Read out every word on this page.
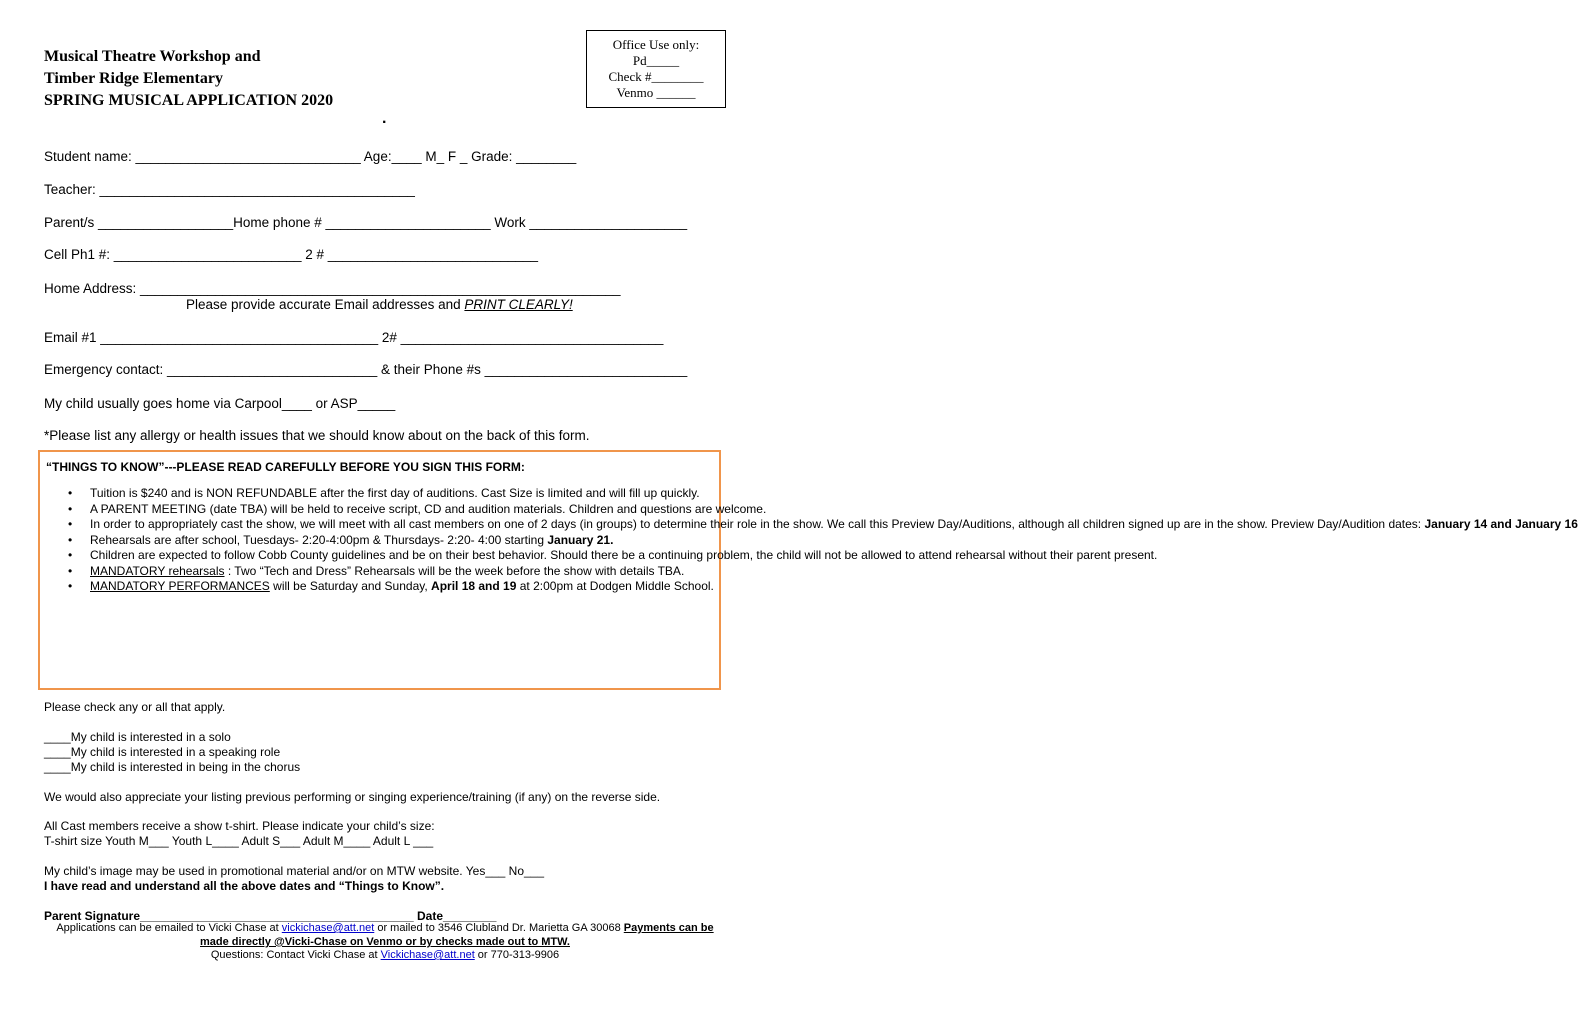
Musical Theatre Workshop and
Timber Ridge Elementary
SPRING MUSICAL APPLICATION 2020
.
Office Use only:
Pd_____
Check #________
Venmo ______
Student name: ______________________________ Age:____ M_ F _ Grade: ________
Teacher: __________________________________________
Parent/s __________________Home phone # ______________________ Work _____________________
Cell Ph1 #: _________________________ 2 # ____________________________
Home Address: ________________________________________________________________
Please provide accurate Email addresses and PRINT CLEARLY!
Email #1 _____________________________________ 2# ___________________________________
Emergency contact: ____________________________ & their Phone #s ___________________________
My child usually goes home via Carpool____ or ASP_____
*Please list any allergy or health issues that we should know about on the back of this form.
“THINGS TO KNOW”---PLEASE READ CAREFULLY BEFORE YOU SIGN THIS FORM:
• Tuition is $240 and is NON REFUNDABLE after the first day of auditions. Cast Size is limited and will fill up quickly.
• A PARENT MEETING (date TBA) will be held to receive script, CD and audition materials. Children and questions are welcome.
• In order to appropriately cast the show, we will meet with all cast members on one of 2 days (in groups) to determine their role in the show. We call this Preview Day/Auditions, although all children signed up are in the show. Preview Day/Audition dates: January 14 and January 16
• Rehearsals are after school, Tuesdays- 2:20-4:00pm & Thursdays- 2:20- 4:00 starting January 21.
• Children are expected to follow Cobb County guidelines and be on their best behavior. Should there be a continuing problem, the child will not be allowed to attend rehearsal without their parent present.
• MANDATORY rehearsals : Two “Tech and Dress” Rehearsals will be the week before the show with details TBA.
• MANDATORY PERFORMANCES will be Saturday and Sunday, April 18 and 19 at 2:00pm at Dodgen Middle School.
Please check any or all that apply.
____My child is interested in a solo
____My child is interested in a speaking role
____My child is interested in being in the chorus
We would also appreciate your listing previous performing or singing experience/training (if any) on the reverse side.
All Cast members receive a show t-shirt. Please indicate your child’s size:
T-shirt size Youth M___ Youth L____ Adult S___ Adult M____ Adult L ___
My child’s image may be used in promotional material and/or on MTW website. Yes___ No___
I have read and understand all the above dates and “Things to Know”.
Parent Signature_________________________________________ Date________
Applications can be emailed to Vicki Chase at vickichase@att.net or mailed to 3546 Clubland Dr. Marietta GA 30068 Payments can be
made directly @Vicki-Chase on Venmo or by checks made out to MTW.
Questions: Contact Vicki Chase at Vickichase@att.net or 770-313-9906
